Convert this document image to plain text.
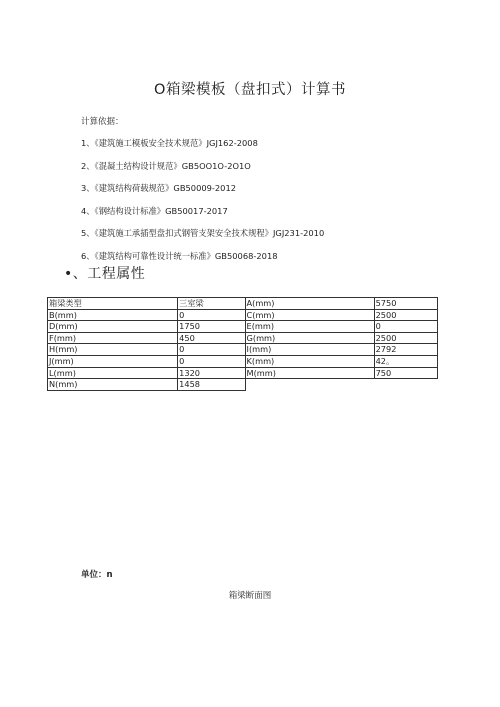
O箱梁模板（盘扣式）计算书
计算依据：
1、《建筑施工模板安全技术规范》JGJ162-2008
2、《混凝土结构设计规范》GB5OO1O-2O1O
3、《建筑结构荷载规范》GB50009-2012
4、《钢结构设计标准》GB50017-2017
5、《建筑施工承插型盘扣式钢管支架安全技术规程》JGJ231-2010
6、《建筑结构可靠性设计统一标准》GB50068-2018
•、工程属性
箱梁类型	三室梁	A(mm)	5750
B(mm)	0	C(mm)	2500
D(mm)	1750	E(mm)	0
F(mm)	450	G(mm)	2500
H(mm)	0	I(mm)	2792
J(mm)	0	K(mm)	42。
L(mm)	1320	M(mm)	750
N(mm)	1458		
单位：n
箱梁断面图
